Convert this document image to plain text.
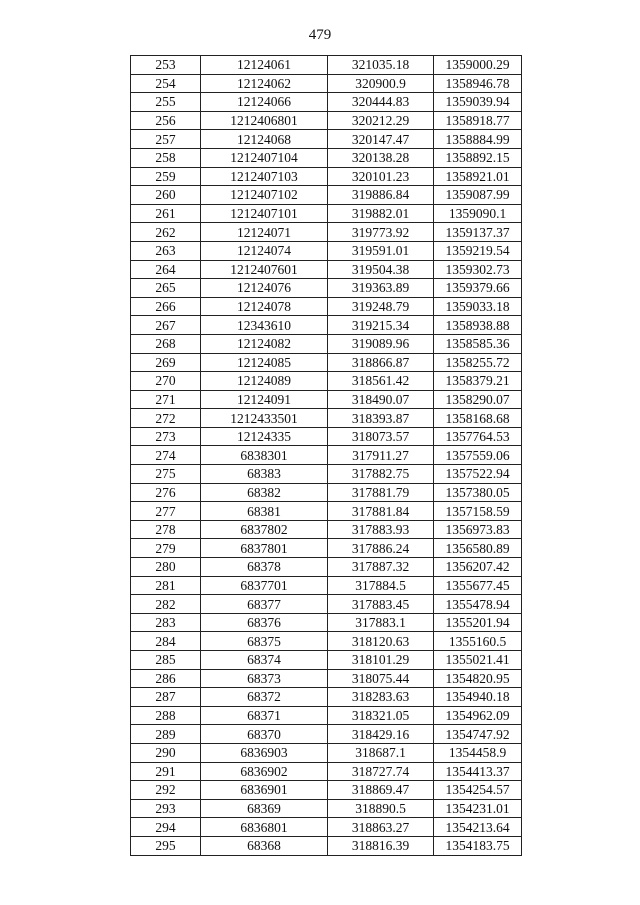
479
253	12124061	321035.18	1359000.29
254	12124062	320900.9	1358946.78
255	12124066	320444.83	1359039.94
256	1212406801	320212.29	1358918.77
257	12124068	320147.47	1358884.99
258	1212407104	320138.28	1358892.15
259	1212407103	320101.23	1358921.01
260	1212407102	319886.84	1359087.99
261	1212407101	319882.01	1359090.1
262	12124071	319773.92	1359137.37
263	12124074	319591.01	1359219.54
264	1212407601	319504.38	1359302.73
265	12124076	319363.89	1359379.66
266	12124078	319248.79	1359033.18
267	12343610	319215.34	1358938.88
268	12124082	319089.96	1358585.36
269	12124085	318866.87	1358255.72
270	12124089	318561.42	1358379.21
271	12124091	318490.07	1358290.07
272	1212433501	318393.87	1358168.68
273	12124335	318073.57	1357764.53
274	6838301	317911.27	1357559.06
275	68383	317882.75	1357522.94
276	68382	317881.79	1357380.05
277	68381	317881.84	1357158.59
278	6837802	317883.93	1356973.83
279	6837801	317886.24	1356580.89
280	68378	317887.32	1356207.42
281	6837701	317884.5	1355677.45
282	68377	317883.45	1355478.94
283	68376	317883.1	1355201.94
284	68375	318120.63	1355160.5
285	68374	318101.29	1355021.41
286	68373	318075.44	1354820.95
287	68372	318283.63	1354940.18
288	68371	318321.05	1354962.09
289	68370	318429.16	1354747.92
290	6836903	318687.1	1354458.9
291	6836902	318727.74	1354413.37
292	6836901	318869.47	1354254.57
293	68369	318890.5	1354231.01
294	6836801	318863.27	1354213.64
295	68368	318816.39	1354183.75
